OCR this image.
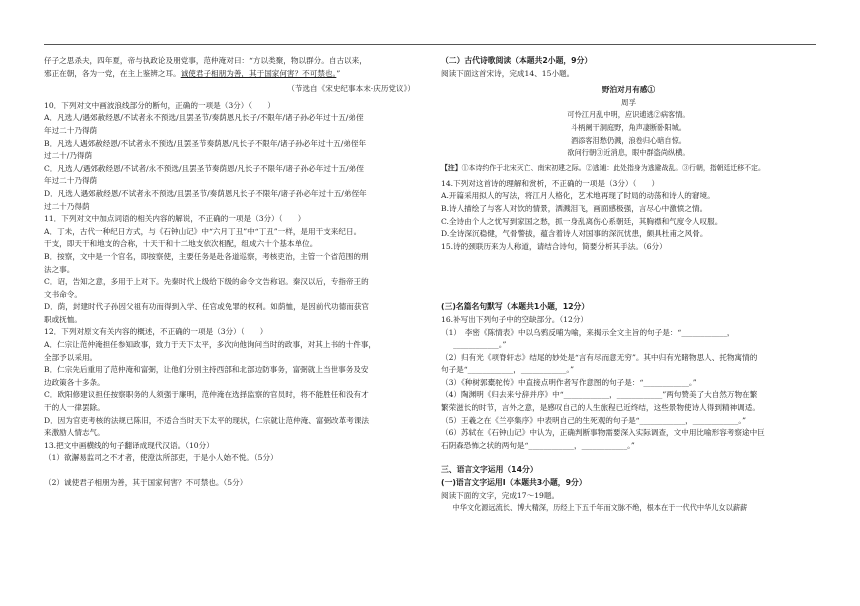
仔子之思杀夫，四年夏，帝与执政论及朋党事，范仲淹对曰：“方以类聚，物以群分。自古以来，

邪正在朝，各为一党，在主上鉴辨之耳。诚使君子相朋为善，其于国家何害？不可禁也。”

（节选自《宋史纪事本末·庆历党议》）

10．下列对文中画波浪线部分的断句，正确的一项是（3分）（　　）

A．凡选人/遇郊赦经恩/不试者永不预选/且罢圣节/奏荫恩凡长子/不限年/诸子孙必年过十五/弟侄

年过二十乃得荫

B．凡选人遇郊赦经恩/不试者永不预选/且罢圣节奏荫恩/凡长子不限年/诸子孙必年过十五/弟侄年

过二十/乃得荫

C．凡选人/遇郊赦经恩/不试者/永不预选/且罢圣节奏荫恩/凡长子不限年/诸子孙必年过十五/弟侄

年过二十乃得荫

D．凡选人遇郊赦经恩/不试者永不预选/且罢圣节/奏荫恩凡长子不限年/诸子孙必年过十五/弟侄年

过二十乃得荫

11．下列对文中加点词语的相关内容的解说，不正确的一项是（3分）（　　）

A．丁未，古代一种纪日方式，与《石钟山记》中“六月丁丑”中“丁丑”一样，是用干支来纪日。

干支，即天干和地支的合称，十天干和十二地支依次相配，组成六十个基本单位。

B．按察，文中是一个官名，即按察使，主要任务是赴各道巡察，考核吏治，主管一个省范围的刑

法之事。

C．诏，告知之意，多用于上对下。先秦时代上级给下级的命令文告称诏。秦汉以后，专指帝王的

文书命令。

D．荫，封建时代子孙因父祖有功而得到入学、任官或免罪的权利。如荫恤，是因前代功德而获官

职或抚恤。

12．下列对原文有关内容的概述，不正确的一项是（3分）（　　）

A．仁宗让范仲淹担任参知政事，致力于天下太平，多次向他询问当时的政事，对其上书的十件事，

全部予以采用。

B．仁宗先后重用了范仲淹和富弼，让他们分别主持西部和北部边防事务，富弼就上当世事务及安

边政策各十多条。

C．欧阳修建议担任按察职务的人须强于廉明，范仲淹在选择监察的官员时，将不能胜任和没有才

干的人一律罢除。

D．因为官吏考核的法规已陈旧，不适合当时天下太平的现状，仁宗就让范仲淹、富弼改革考课法

来激励人情志气。

13.把文中画横线的句子翻译成现代汉语。（10分）

（1）欲澥易监司之不才者，使澄汰所部吏，于是小人始不悦。（5分）

（2）诚使君子相朋为善，其于国家何害？不可禁也。（5分）

（二）古代诗歌阅读（本题共2小题，9分）

阅读下面这首宋诗，完成14、15小题。

野泊对月有感①

周孚

可怜江月乱中明，应识逋逃②病客情。

斗柄阑干洞庭野，角声凄断卧阳城。

酒添客泪愁仍溅，浪卷归心暗自惊。

欲问行朝③近消息，眼中群盗尚纵横。

【注】①本诗约作于北宋灭亡、南宋初建之际。②逃逋：此处指身为逃避战乱。③行朝，指朝廷迁移不定。

14.下列对这首诗的理解和赏析，不正确的一项是（3分）（　　）

A.开篇采用拟人的写法，将江月人格化，艺术地再现了时局的动荡和诗人的窘境。

B.诗人描绘了与客人对饮的情景，洒溅泪飞，画面感极强，言尽心中激愤之情。

C.全诗由个人之忧写到家国之愁，抓一身乱离伤心系朝廷，其胸襟和气度令人叹服。

D.全诗深沉稳健，气骨警拔，蕴含着诗人对国事的深沉忧患，颇具杜甫之风骨。

15.诗的颈联历来为人称道，请结合诗句，简要分析其手法。（6分）

(三)名篇名句默写（本题共1小题，12分）

16.补写出下列句子中的空缺部分。（12分）

（1）　李密《陈情表》中以乌鸦反哺为喻，来揭示全文主旨的句子是：“____________，

____________。”

（2）归有光《项脊轩志》结尾的妙处是“言有尽而意无穷”。其中归有光睹物思人、托物寓情的

句子是“____________，____________。”

（3）《种树郭橐驼传》中直接点明作者写作意图的句子是：“____________。”

（4）陶渊明《归去来兮辞并序》中“____________，____________”两句赞美了大自然万物在繁

繁荣滋长的时节，言外之意，是感叹自己的人生旅程已近终结，这些景物使诗人得到精神调适。

（5）王羲之在《兰亭集序》中表明自己的生死观的句子是“____________，____________。”

（6）苏轼在《石钟山记》中认为，正确判断事物需要深入实际调查，文中用比喻形容考察途中巨

石阴森恐怖之状的两句是“____________，____________。”

三、语言文字运用（14分）

(一)语言文字运用Ⅰ（本题共3小题，9分）

阅读下面的文字，完成17～19题。

中华文化源远流长、博大精深，历经上下五千年而文脉不绝，根本在于一代代中华儿女以薪薪
